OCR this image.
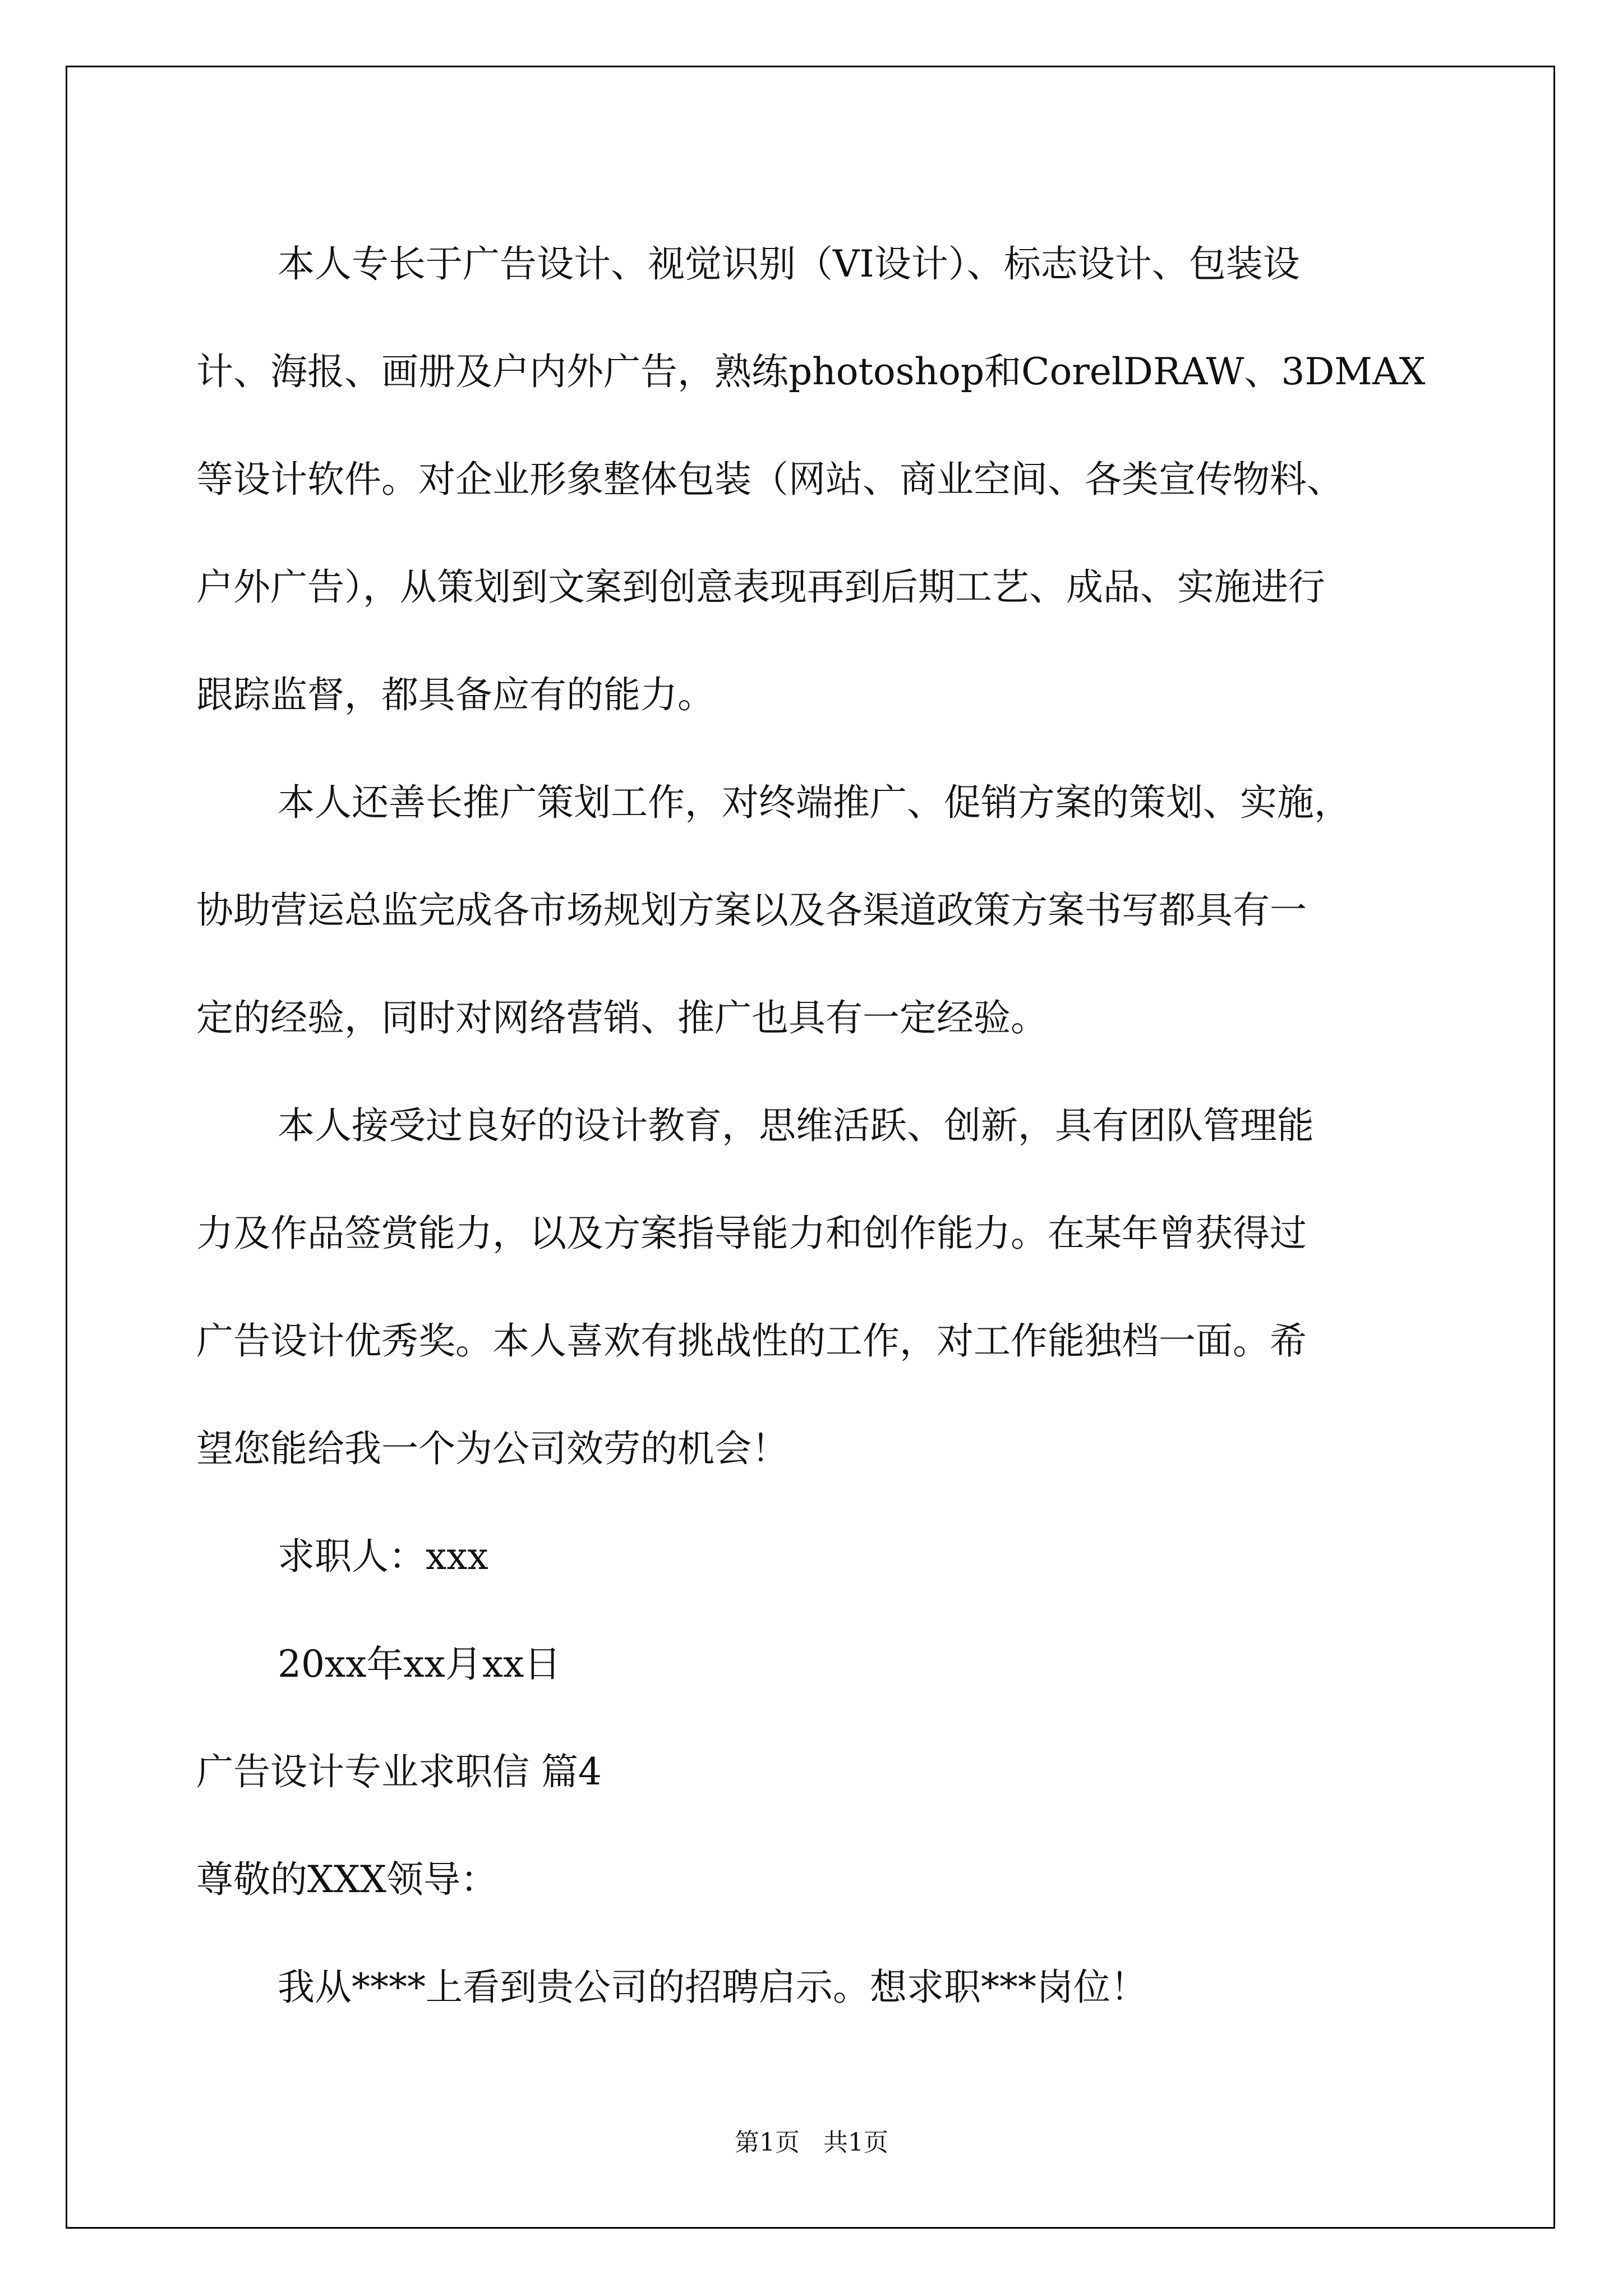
本人专长于广告设计、视觉识别（VI设计）、标志设计、包装设
计、海报、画册及户内外广告，熟练photoshop和CorelDRAW、3DMAX
等设计软件。对企业形象整体包装（网站、商业空间、各类宣传物料、
户外广告），从策划到文案到创意表现再到后期工艺、成品、实施进行
跟踪监督，都具备应有的能力。
本人还善长推广策划工作，对终端推广、促销方案的策划、实施，
协助营运总监完成各市场规划方案以及各渠道政策方案书写都具有一
定的经验，同时对网络营销、推广也具有一定经验。
本人接受过良好的设计教育，思维活跃、创新，具有团队管理能
力及作品签赏能力，以及方案指导能力和创作能力。在某年曾获得过
广告设计优秀奖。本人喜欢有挑战性的工作，对工作能独档一面。希
望您能给我一个为公司效劳的机会！
求职人：xxx
20xx年xx月xx日
广告设计专业求职信 篇4
尊敬的XXX领导：
我从****上看到贵公司的招聘启示。想求职***岗位！
第1页 共1页
